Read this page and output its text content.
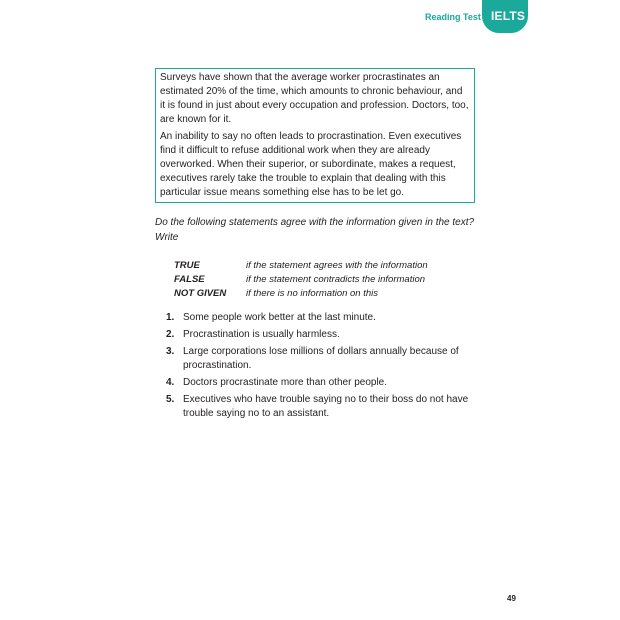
Reading Test IELTS

Surveys have shown that the average worker procrastinates an estimated 20% of the time, which amounts to chronic behaviour, and it is found in just about every occupation and profession. Doctors, too, are known for it.

An inability to say no often leads to procrastination. Even executives find it difficult to refuse additional work when they are already overworked. When their superior, or subordinate, makes a request, executives rarely take the trouble to explain that dealing with this particular issue means something else has to be let go.

Do the following statements agree with the information given in the text?
Write
TRUE	if the statement agrees with the information
FALSE	if the statement contradicts the information
NOT GIVEN	if there is no information on this
1. Some people work better at the last minute.
2. Procrastination is usually harmless.
3. Large corporations lose millions of dollars annually because of procrastination.
4. Doctors procrastinate more than other people.
5. Executives who have trouble saying no to their boss do not have trouble saying no to an assistant.
49
